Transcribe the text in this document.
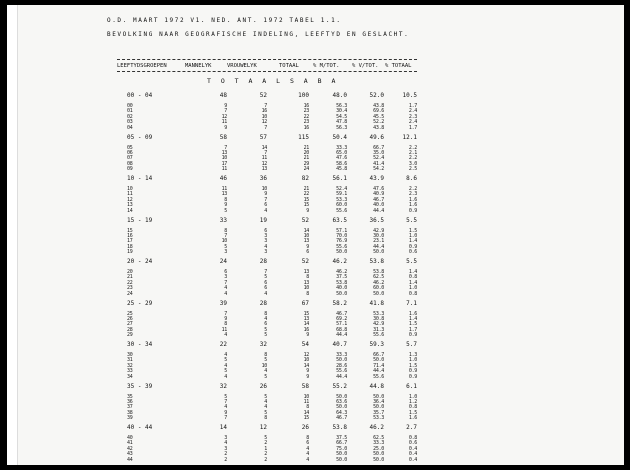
O.D. MAART 1972 V1. NED. ANT. 1972 TABEL 1.1.
BEVOLKING NAAR GEOGRAFISCHE INDELING, LEEFTYD EN GESLACHT.
LEEFTYDSGROEPEN	MANNELYK	VROUWELYK	TOTAAL	% M/TOT. % V/TOT. % TOTAAL
T O T A A L S A B A
00 - 04	48	52	100	48.0	52.0	10.5
00	9	7	16	56.3	43.8	1.7
01	7	16	23	30.4	69.6	2.4
02	12	10	22	54.5	45.5	2.3
03	11	12	23	47.8	52.2	2.4
04	9	7	16	56.3	43.8	1.7
05 - 09	58	57	115	50.4	49.6	12.1
05	7	14	21	33.3	66.7	2.2
06	13	7	20	65.0	35.0	2.1
07	10	11	21	47.6	52.4	2.2
08	17	12	29	58.6	41.4	3.0
09	11	13	24	45.8	54.2	2.5
10 - 14	46	36	82	56.1	43.9	8.6
10	11	10	21	52.4	47.6	2.2
11	13	9	22	59.1	40.9	2.3
12	8	7	15	53.3	46.7	1.6
13	9	6	15	60.0	40.0	1.6
14	5	4	9	55.6	44.4	0.9
15 - 19	33	19	52	63.5	36.5	5.5
15	8	6	14	57.1	42.9	1.5
16	7	3	10	70.0	30.0	1.0
17	10	3	13	76.9	23.1	1.4
18	5	4	9	55.6	44.4	0.9
19	3	3	6	50.0	50.0	0.6
20 - 24	24	28	52	46.2	53.8	5.5
20	6	7	13	46.2	53.8	1.4
21	3	5	8	37.5	62.5	0.8
22	7	6	13	53.8	46.2	1.4
23	4	6	10	40.0	60.0	1.0
24	4	4	8	50.0	50.0	0.8
25 - 29	39	28	67	58.2	41.8	7.1
25	7	8	15	46.7	53.3	1.6
26	9	4	13	69.2	30.8	1.4
27	8	6	14	57.1	42.9	1.5
28	11	5	16	68.8	31.3	1.7
29	4	5	9	44.4	55.6	0.9
30 - 34	22	32	54	40.7	59.3	5.7
30	4	8	12	33.3	66.7	1.3
31	5	5	10	50.0	50.0	1.0
32	4	10	14	28.6	71.4	1.5
33	5	4	9	55.6	44.4	0.9
34	4	5	9	44.4	55.6	0.9
35 - 39	32	26	58	55.2	44.8	6.1
35	5	5	10	50.0	50.0	1.0
36	7	4	11	63.6	36.4	1.2
37	4	4	8	50.0	50.0	0.8
38	9	5	14	64.3	35.7	1.5
39	7	8	15	46.7	53.3	1.6
40 - 44	14	12	26	53.8	46.2	2.7
40	3	5	8	37.5	62.5	0.8
41	4	2	6	66.7	33.3	0.6
42	3	1	4	75.0	25.0	0.4
43	2	2	4	50.0	50.0	0.4
44	2	2	4	50.0	50.0	0.4
